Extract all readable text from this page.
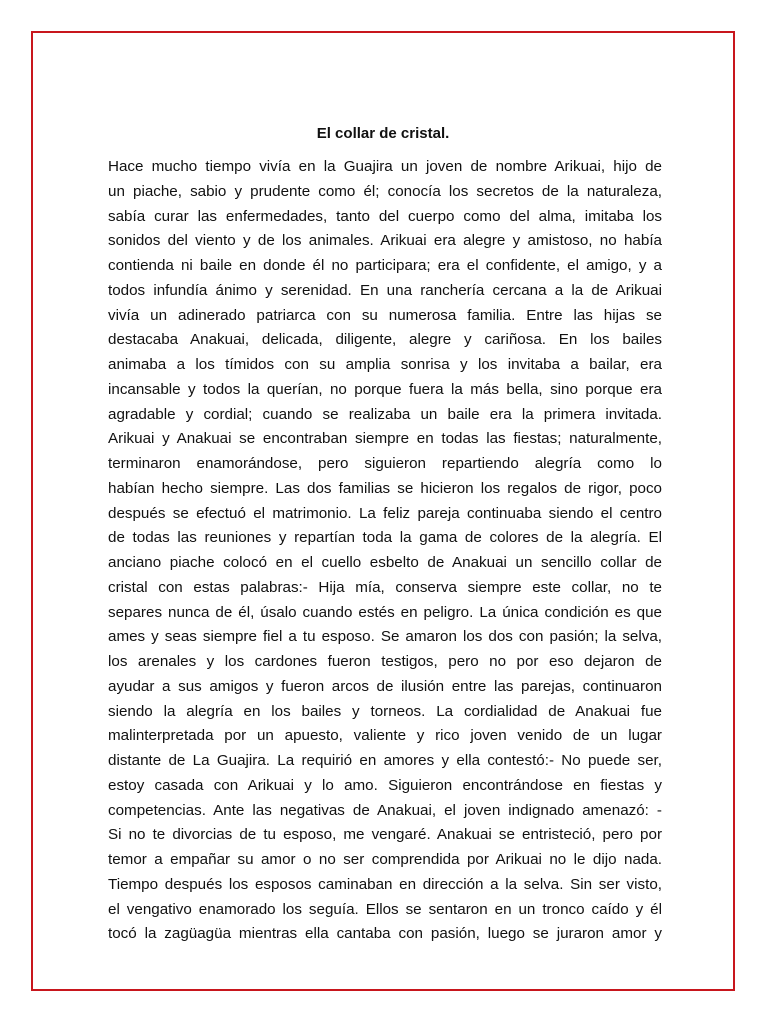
El collar de cristal.
Hace mucho tiempo vivía en la Guajira un joven de nombre Arikuai, hijo de
un piache, sabio y prudente como él; conocía los secretos de la naturaleza,
sabía curar las enfermedades, tanto del cuerpo como del alma, imitaba los
sonidos del viento y de los animales. Arikuai era alegre y amistoso, no había
contienda ni baile en donde él no participara; era el confidente, el amigo, y a
todos infundía ánimo y serenidad. En una ranchería cercana a la de Arikuai
vivía un adinerado patriarca con su numerosa familia. Entre las hijas se
destacaba Anakuai, delicada, diligente, alegre y cariñosa. En los bailes
animaba a los tímidos con su amplia sonrisa y los invitaba a bailar, era
incansable y todos la querían, no porque fuera la más bella, sino porque era
agradable y cordial; cuando se realizaba un baile era la primera invitada.
Arikuai y Anakuai se encontraban siempre en todas las fiestas; naturalmente,
terminaron enamorándose, pero siguieron repartiendo alegría como lo
habían hecho siempre. Las dos familias se hicieron los regalos de rigor, poco
después se efectuó el matrimonio. La feliz pareja continuaba siendo el centro
de todas las reuniones y repartían toda la gama de colores de la alegría. El
anciano piache colocó en el cuello esbelto de Anakuai un sencillo collar de
cristal con estas palabras:- Hija mía, conserva siempre este collar, no te
separes nunca de él, úsalo cuando estés en peligro. La única condición es que
ames y seas siempre fiel a tu esposo. Se amaron los dos con pasión; la selva,
los arenales y los cardones fueron testigos, pero no por eso dejaron de
ayudar a sus amigos y fueron arcos de ilusión entre las parejas, continuaron
siendo la alegría en los bailes y torneos. La cordialidad de Anakuai fue
malinterpretada por un apuesto, valiente y rico joven venido de un lugar
distante de La Guajira. La requirió en amores y ella contestó:- No puede ser,
estoy casada con Arikuai y lo amo. Siguieron encontrándose en fiestas y
competencias. Ante las negativas de Anakuai, el joven indignado amenazó: -
Si no te divorcias de tu esposo, me vengaré. Anakuai se entristeció, pero por
temor a empañar su amor o no ser comprendida por Arikuai no le dijo nada.
Tiempo después los esposos caminaban en dirección a la selva. Sin ser visto,
el vengativo enamorado los seguía. Ellos se sentaron en un tronco caído y él
tocó la zagüagüa mientras ella cantaba con pasión, luego se juraron amor y
